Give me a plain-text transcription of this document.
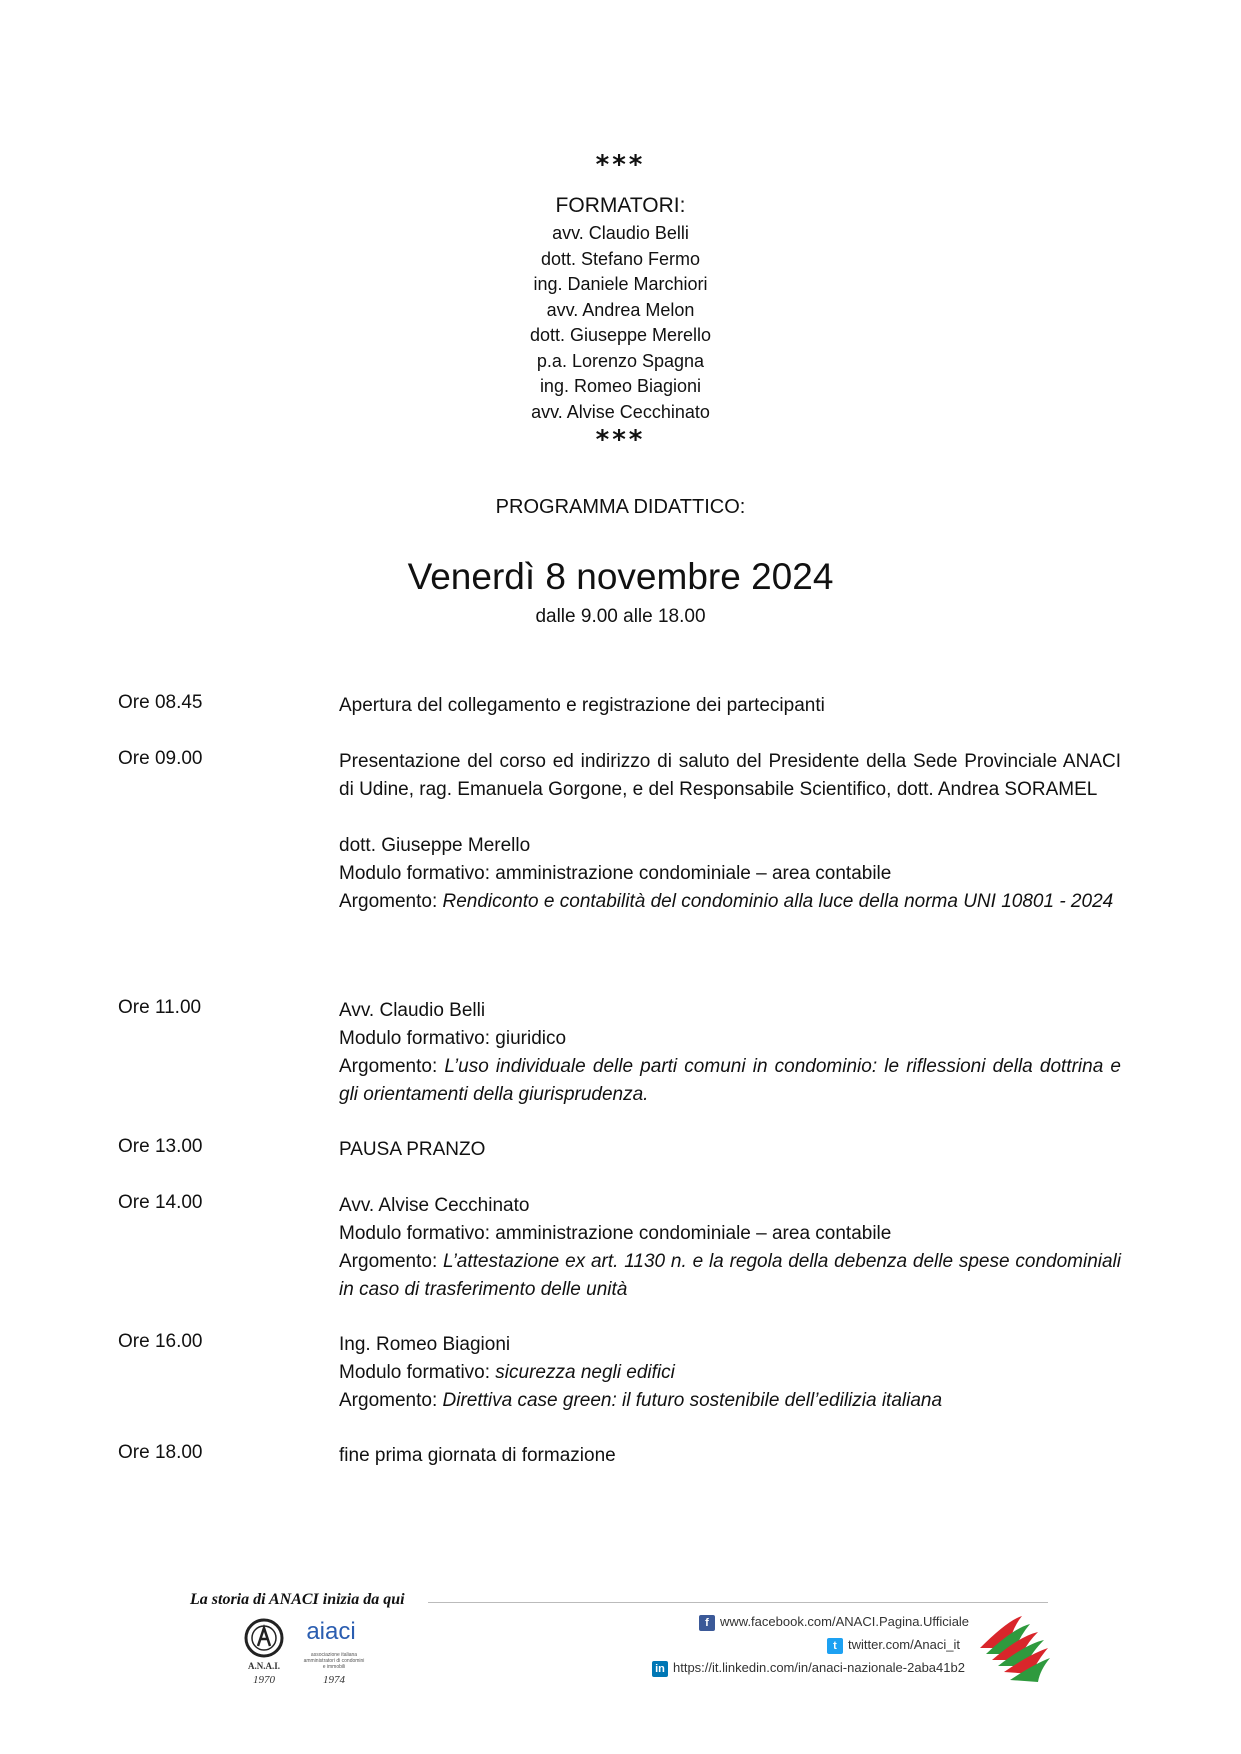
***
FORMATORI:
avv. Claudio Belli
dott. Stefano Fermo
ing. Daniele Marchiori
avv. Andrea Melon
dott. Giuseppe Merello
p.a. Lorenzo Spagna
ing. Romeo Biagioni
avv. Alvise Cecchinato
***
PROGRAMMA DIDATTICO:
Venerdì 8 novembre 2024
dalle 9.00 alle 18.00
Ore 08.45	Apertura del collegamento e registrazione dei partecipanti
Ore 09.00	Presentazione del corso ed indirizzo di saluto del Presidente della Sede Provinciale ANACI di Udine, rag. Emanuela Gorgone, e del Responsabile Scientifico, dott. Andrea SORAMEL

dott. Giuseppe Merello

Modulo formativo: amministrazione condominiale – area contabile

Argomento: Rendiconto e contabilità del condominio alla luce della norma UNI 10801 - 2024

Ore 11.00	Avv. Claudio Belli

Modulo formativo: giuridico

Argomento: L’uso individuale delle parti comuni in condominio: le riflessioni della dottrina e gli orientamenti della giurisprudenza.

Ore 13.00	PAUSA PRANZO
Ore 14.00	Avv. Alvise Cecchinato

Modulo formativo: amministrazione condominiale – area contabile

Argomento: L’attestazione ex art. 1130 n. e la regola della debenza delle spese condominiali in caso di trasferimento delle unità

Ore 16.00	Ing. Romeo Biagioni

Modulo formativo: sicurezza negli edifici

Argomento: Direttiva case green: il futuro sostenibile dell’edilizia italiana

Ore 18.00	fine prima giornata di formazione
La storia di ANACI inizia da qui
A.N.A.I.
1970
aiaci
associazione italiana amministratori di condomini e immobili
1974
f www.facebook.com/ANACI.Pagina.Ufficiale
t twitter.com/Anaci_it
in https://it.linkedin.com/in/anaci-nazionale-2aba41b2
